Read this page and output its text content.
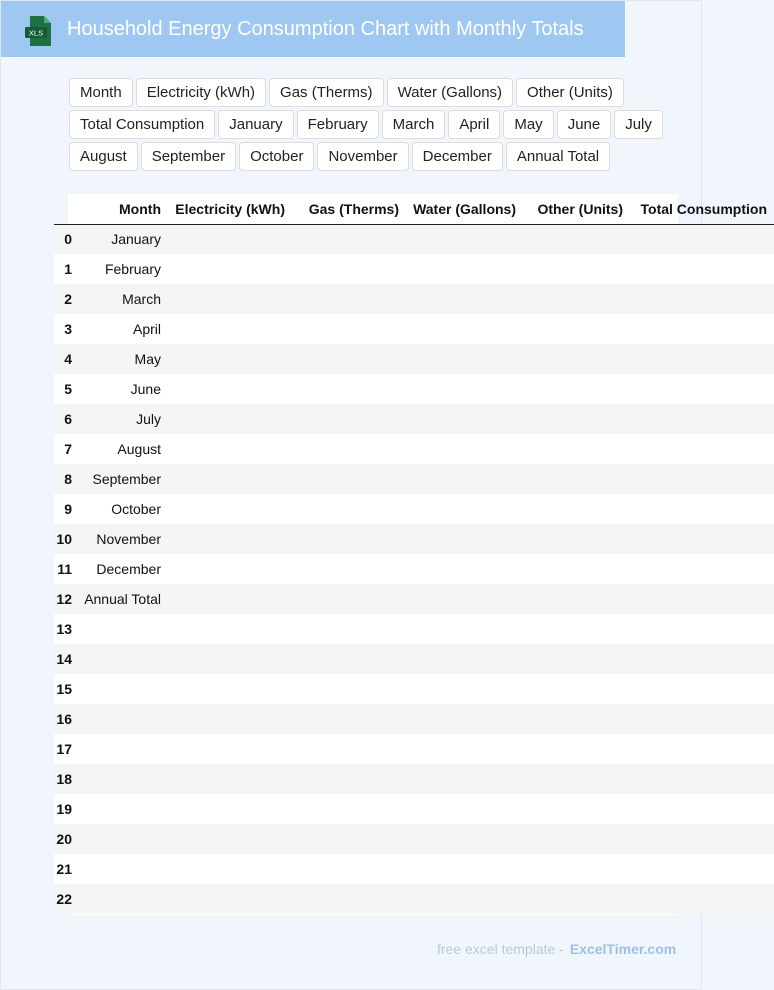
XLS Household Energy Consumption Chart with Monthly Totals
Month	Electricity (kWh)	Gas (Therms)	Water (Gallons)	Other (Units)
Total Consumption	January	February	March	April	May	June	July
August	September	October	November	December	Annual Total
	Month	Electricity (kWh)	Gas (Therms)	Water (Gallons)	Other (Units)	Total Consumption
0	January					
1	February					
2	March					
3	April					
4	May					
5	June					
6	July					
7	August					
8	September					
9	October					
10	November					
11	December					
12	Annual Total					
13						
14						
15						
16						
17						
18						
19						
20						
21						
22						
free excel template - ExcelTimer.com
